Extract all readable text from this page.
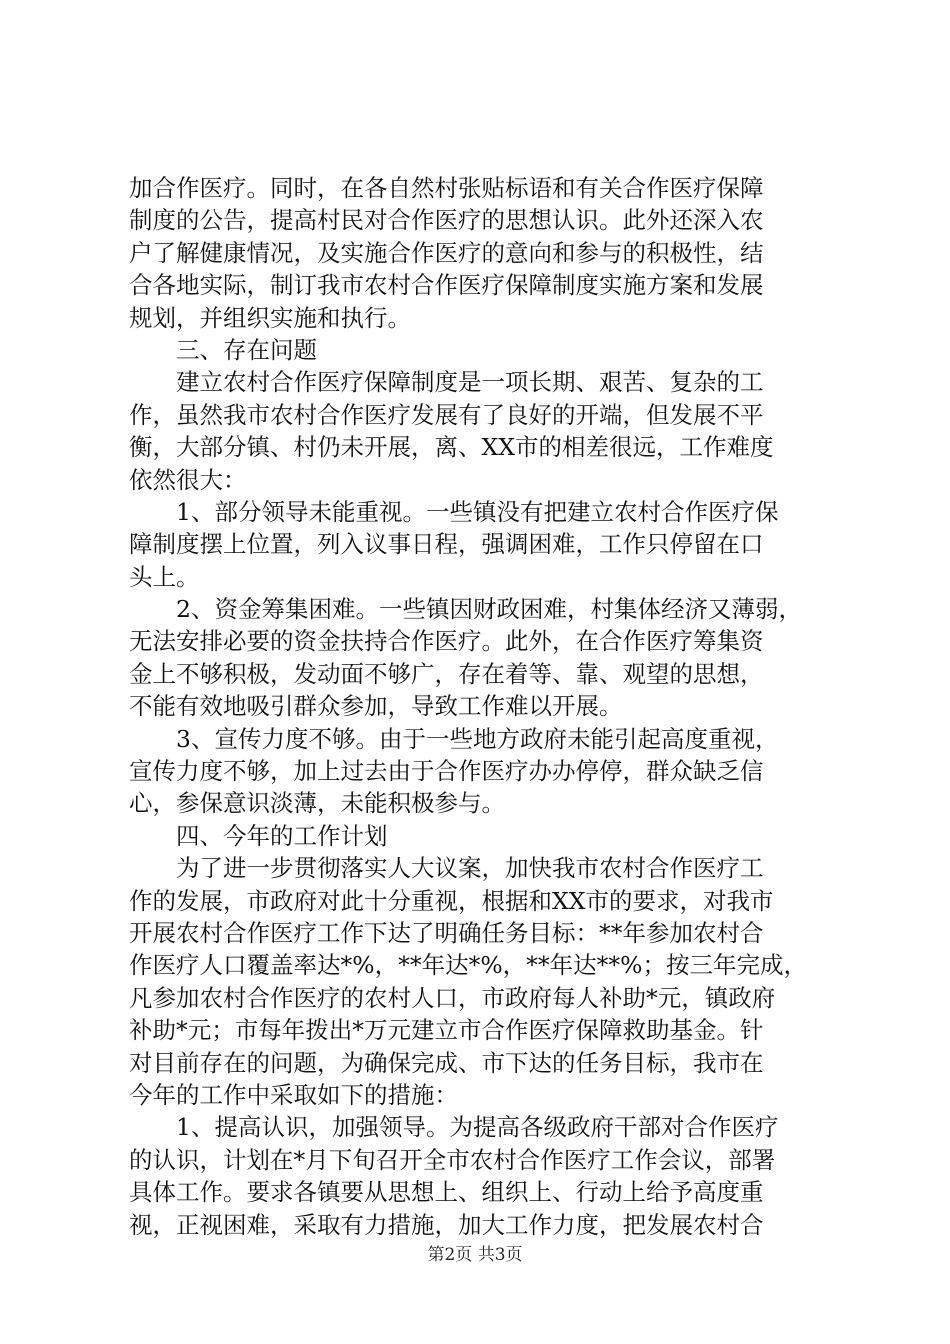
加合作医疗。同时，在各自然村张贴标语和有关合作医疗保障
制度的公告，提高村民对合作医疗的思想认识。此外还深入农
户了解健康情况，及实施合作医疗的意向和参与的积极性，结
合各地实际，制订我市农村合作医疗保障制度实施方案和发展
规划，并组织实施和执行。
三、存在问题
建立农村合作医疗保障制度是一项长期、艰苦、复杂的工
作，虽然我市农村合作医疗发展有了良好的开端，但发展不平
衡，大部分镇、村仍未开展，离、XX市的相差很远，工作难度
依然很大：
1、部分领导未能重视。一些镇没有把建立农村合作医疗保
障制度摆上位置，列入议事日程，强调困难，工作只停留在口
头上。
2、资金筹集困难。一些镇因财政困难，村集体经济又薄弱，
无法安排必要的资金扶持合作医疗。此外，在合作医疗筹集资
金上不够积极，发动面不够广，存在着等、靠、观望的思想，
不能有效地吸引群众参加，导致工作难以开展。
3、宣传力度不够。由于一些地方政府未能引起高度重视，
宣传力度不够，加上过去由于合作医疗办办停停，群众缺乏信
心，参保意识淡薄，未能积极参与。
四、今年的工作计划
为了进一步贯彻落实人大议案，加快我市农村合作医疗工
作的发展，市政府对此十分重视，根据和XX市的要求，对我市
开展农村合作医疗工作下达了明确任务目标：**年参加农村合
作医疗人口覆盖率达*%，**年达*%，**年达**%；按三年完成，
凡参加农村合作医疗的农村人口，市政府每人补助*元，镇政府
补助*元；市每年拨出*万元建立市合作医疗保障救助基金。针
对目前存在的问题，为确保完成、市下达的任务目标，我市在
今年的工作中采取如下的措施：
1、提高认识，加强领导。为提高各级政府干部对合作医疗
的认识，计划在*月下旬召开全市农村合作医疗工作会议，部署
具体工作。要求各镇要从思想上、组织上、行动上给予高度重
视，正视困难，采取有力措施，加大工作力度，把发展农村合
第2页 共3页
